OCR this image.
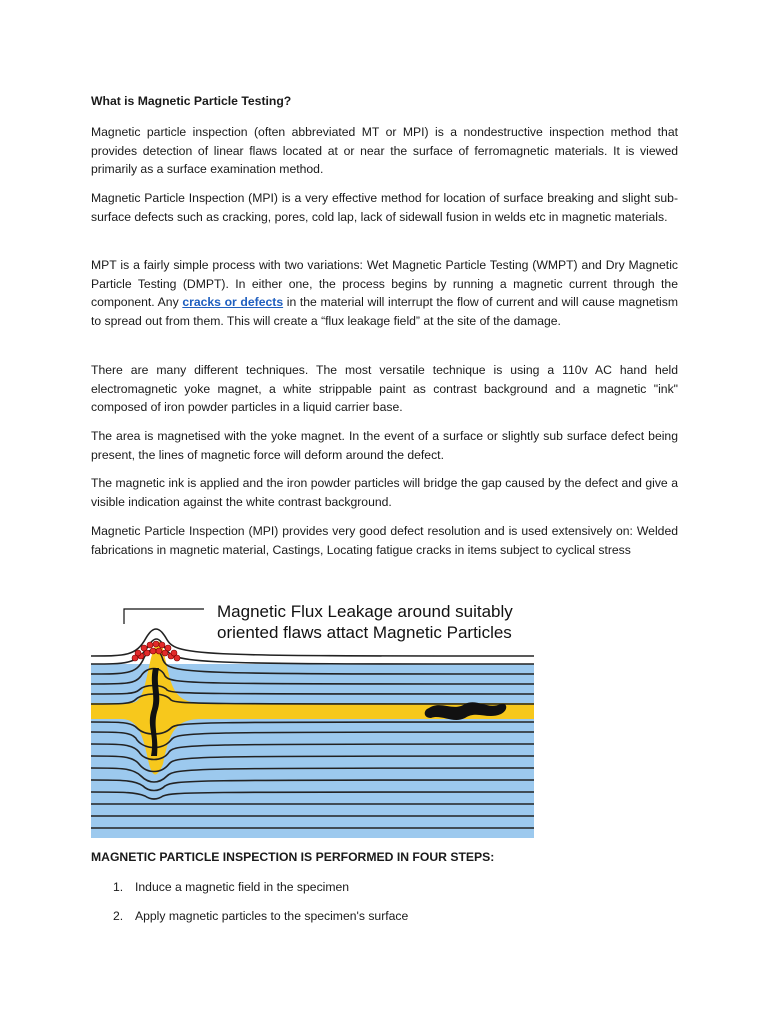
What is Magnetic Particle Testing?

Magnetic particle inspection (often abbreviated MT or MPI) is a nondestructive inspection method that provides detection of linear flaws located at or near the surface of ferromagnetic materials. It is viewed primarily as a surface examination method.

Magnetic Particle Inspection (MPI) is a very effective method for location of surface breaking and slight sub-surface defects such as cracking, pores, cold lap, lack of sidewall fusion in welds etc in magnetic materials.

MPT is a fairly simple process with two variations: Wet Magnetic Particle Testing (WMPT) and Dry Magnetic Particle Testing (DMPT). In either one, the process begins by running a magnetic current through the component. Any cracks or defects in the material will interrupt the flow of current and will cause magnetism to spread out from them. This will create a “flux leakage field” at the site of the damage.

There are many different techniques. The most versatile technique is using a 110v AC hand held electromagnetic yoke magnet, a white strippable paint as contrast background and a magnetic "ink" composed of iron powder particles in a liquid carrier base.

The area is magnetised with the yoke magnet. In the event of a surface or slightly sub surface defect being present, the lines of magnetic force will deform around the defect.

The magnetic ink is applied and the iron powder particles will bridge the gap caused by the defect and give a visible indication against the white contrast background.

Magnetic Particle Inspection (MPI) provides very good defect resolution and is used extensively on: Welded fabrications in magnetic material, Castings, Locating fatigue cracks in items subject to cyclical stress

Magnetic Flux Leakage around suitably
oriented flaws attact Magnetic Particles
MAGNETIC PARTICLE INSPECTION IS PERFORMED IN FOUR STEPS:
1. Induce a magnetic field in the specimen
2. Apply magnetic particles to the specimen's surface
